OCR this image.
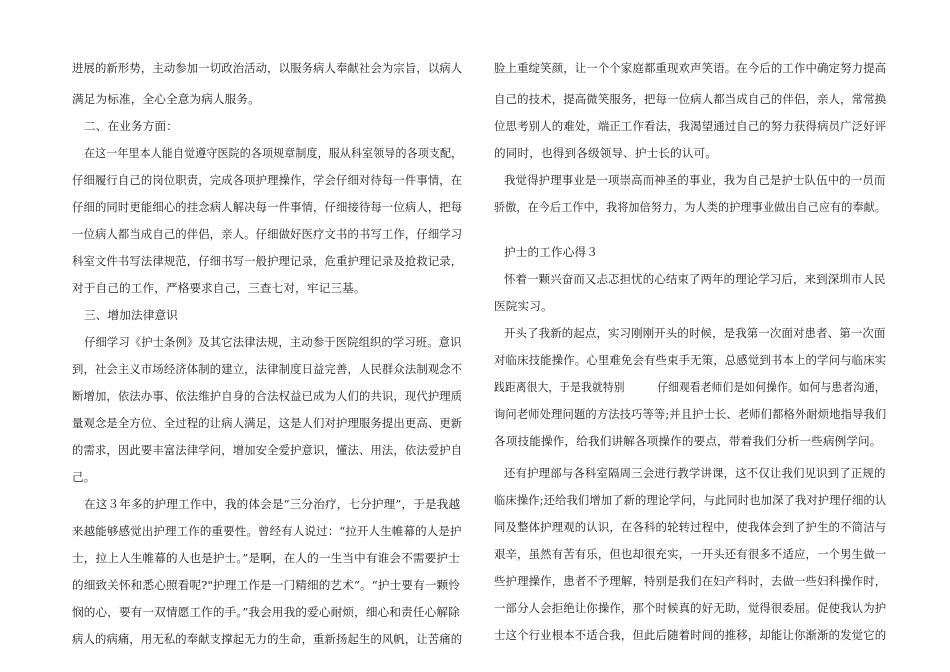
进展的新形势，主动参加一切政治活动，以服务病人奉献社会为宗旨，以病人
满足为标准，全心全意为病人服务。
二、在业务方面：
在这一年里本人能自觉遵守医院的各项规章制度，服从科室领导的各项支配，
仔细履行自己的岗位职责，完成各项护理操作，学会仔细对待每一件事情，在
仔细的同时更能细心的挂念病人解决每一件事情，仔细接待每一位病人，把每
一位病人都当成自己的伴侣，亲人。仔细做好医疗文书的书写工作，仔细学习
科室文件书写法律规范，仔细书写一般护理记录，危重护理记录及抢救记录，
对于自己的工作，严格要求自己，三查七对，牢记三基。
三、增加法律意识
仔细学习《护士条例》及其它法律法规，主动参于医院组织的学习班。意识
到，社会主义市场经济体制的建立，法律制度日益完善，人民群众法制观念不
断增加，依法办事、依法维护自身的合法权益已成为人们的共识，现代护理质
量观念是全方位、全过程的让病人满足，这是人们对护理服务提出更高、更新
的需求，因此要丰富法律学问，增加安全爱护意识，懂法、用法，依法爱护自
己。
在这３年多的护理工作中，我的体会是“三分治疗，七分护理”，于是我越
来越能够感觉出护理工作的重要性。曾经有人说过：“拉开人生帷幕的人是护
士，拉上人生帷幕的人也是护士。”是啊，在人的一生当中有谁会不需要护士
的细致关怀和悉心照看呢?"护理工作是一门精细的艺术”。“护士要有一颗怜
悯的心，要有一双情愿工作的手。”我会用我的爱心耐烦，细心和责任心解除
病人的病痛，用无私的奉献支撑起无力的生命，重新扬起生的风帆，让苦痛的
脸上重绽笑颜，让一个个家庭都重现欢声笑语。在今后的工作中确定努力提高
自己的技术，提高微笑服务，把每一位病人都当成自己的伴侣，亲人，常常换
位思考别人的难处，端正工作看法，我渴望通过自己的努力获得病员广泛好评
的同时，也得到各级领导、护士长的认可。
我觉得护理事业是一项崇高而神圣的事业，我为自己是护士队伍中的一员而
骄傲，在今后工作中，我将加倍努力，为人类的护理事业做出自己应有的奉献。
护士的工作心得３
怀着一颗兴奋而又忐忑担忧的心结束了两年的理论学习后，来到深圳市人民
医院实习。
开头了我新的起点，实习刚刚开头的时候，是我第一次面对患者、第一次面
对临床技能操作。心里难免会有些束手无策，总感觉到书本上的学问与临床实
践距离很大，于是我就特别　　　仔细观看老师们是如何操作。如何与患者沟通，
询问老师处理问题的方法技巧等等;并且护士长、老师们都格外耐烦地指导我们
各项技能操作，给我们讲解各项操作的要点，带着我们分析一些病例学问。
还有护理部与各科室隔周三会进行教学讲课，这不仅让我们见识到了正规的
临床操作;还给我们增加了新的理论学问，与此同时也加深了我对护理仔细的认
同及整体护理观的认识，在各科的轮转过程中，使我体会到了护生的不简洁与
艰辛，虽然有苦有乐，但也却很充实，一开头还有很多不适应，一个男生做一
些护理操作，患者不予理解，特别是我们在妇产科时，去做一些妇科操作时，
一部分人会拒绝让你操作，那个时候真的好无助，觉得很委屈。促使我认为护
士这个行业根本不适合我，但此后随着时间的推移，却能让你渐渐的发觉它的
